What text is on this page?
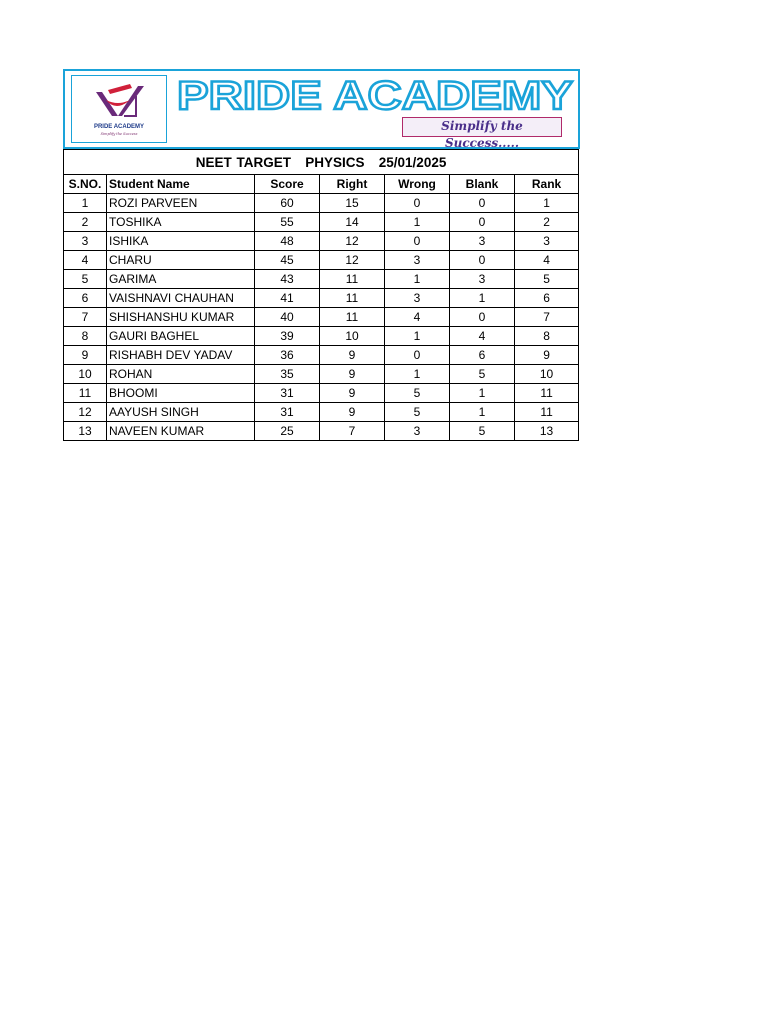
PRIDE ACADEMY
Simplify the Success
PRIDE ACADEMY
Simplify the Success.....
NEET TARGET   PHYSICS   25/01/2025						
S.NO.	Student Name	Score	Right	Wrong	Blank	Rank
1	ROZI PARVEEN	60	15	0	0	1
2	TOSHIKA	55	14	1	0	2
3	ISHIKA	48	12	0	3	3
4	CHARU	45	12	3	0	4
5	GARIMA	43	11	1	3	5
6	VAISHNAVI CHAUHAN	41	11	3	1	6
7	SHISHANSHU KUMAR	40	11	4	0	7
8	GAURI BAGHEL	39	10	1	4	8
9	RISHABH DEV YADAV	36	9	0	6	9
10	ROHAN	35	9	1	5	10
11	BHOOMI	31	9	5	1	11
12	AAYUSH SINGH	31	9	5	1	11
13	NAVEEN KUMAR	25	7	3	5	13
